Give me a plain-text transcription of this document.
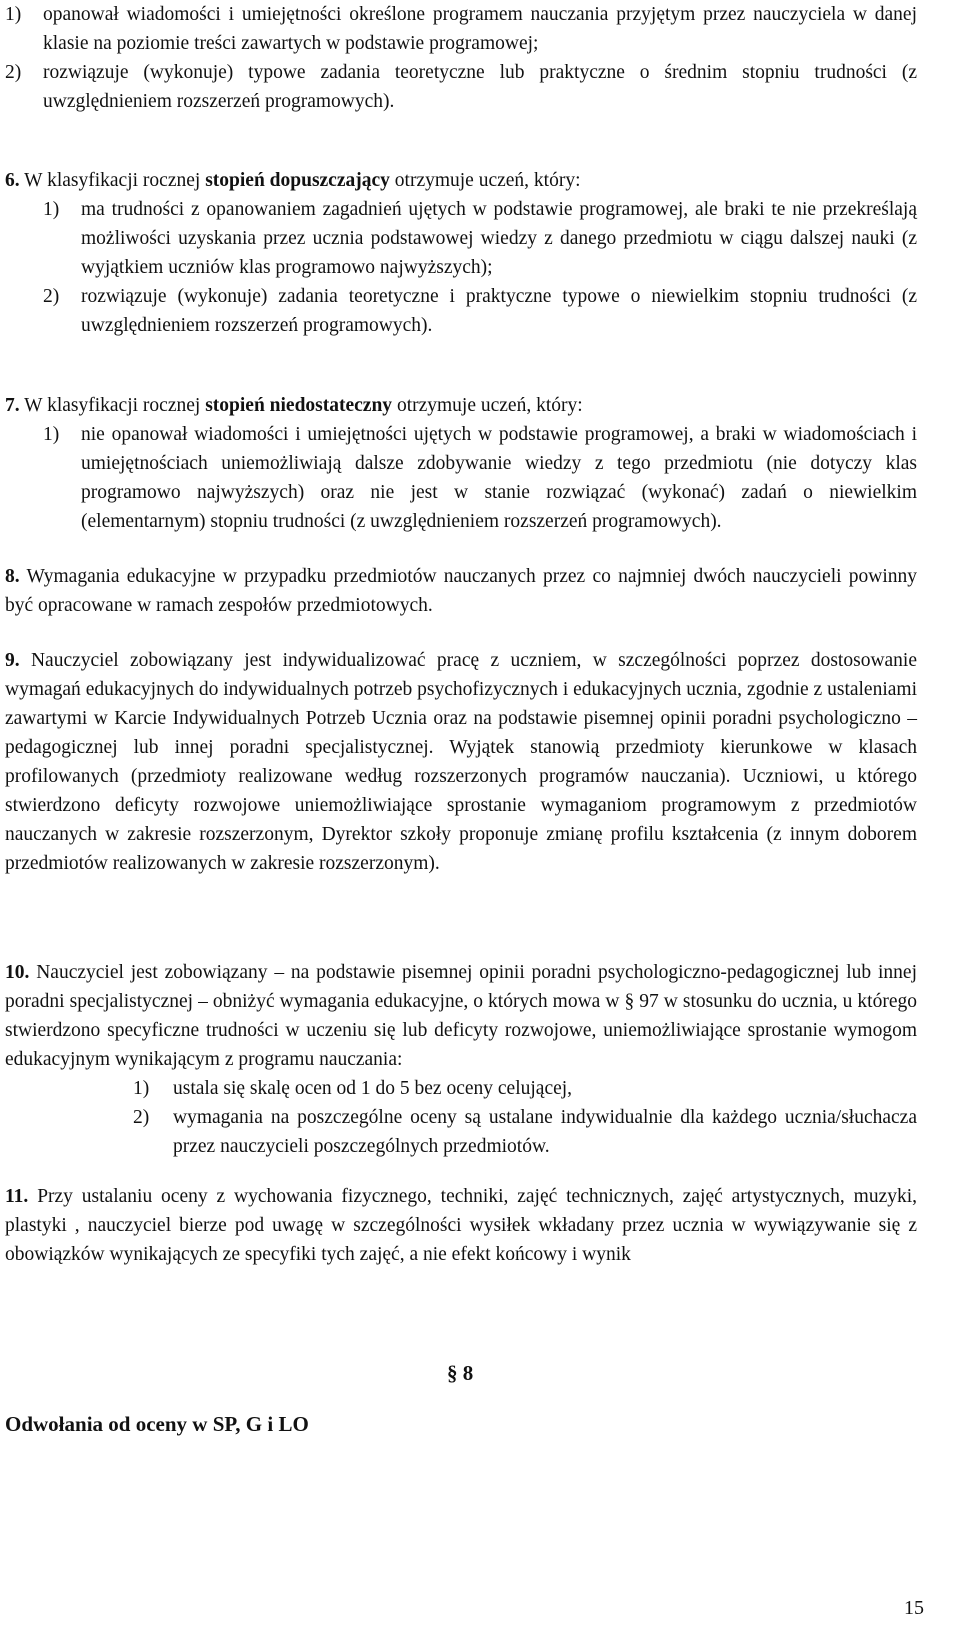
1)	opanował wiadomości i umiejętności określone programem nauczania przyjętym przez nauczyciela w danej klasie na poziomie treści zawartych w podstawie programowej;
2)	rozwiązuje (wykonuje) typowe zadania teoretyczne lub praktyczne o średnim stopniu trudności (z uwzględnieniem rozszerzeń programowych).
6. W klasyfikacji rocznej stopień dopuszczający otrzymuje uczeń, który:
1)	ma trudności z opanowaniem zagadnień ujętych w podstawie programowej, ale braki te nie przekreślają możliwości uzyskania przez ucznia podstawowej wiedzy z danego przedmiotu w ciągu dalszej nauki (z wyjątkiem uczniów klas programowo najwyższych);
2)	rozwiązuje (wykonuje) zadania teoretyczne i praktyczne typowe o niewielkim stopniu trudności (z uwzględnieniem rozszerzeń programowych).
7. W klasyfikacji rocznej stopień niedostateczny otrzymuje uczeń, który:
1)	nie opanował wiadomości i umiejętności ujętych w podstawie programowej, a braki w wiadomościach i umiejętnościach uniemożliwiają dalsze zdobywanie wiedzy z tego przedmiotu (nie dotyczy klas programowo najwyższych) oraz nie jest w stanie rozwiązać (wykonać) zadań o niewielkim (elementarnym) stopniu trudności (z uwzględnieniem rozszerzeń programowych).
8. Wymagania edukacyjne w przypadku przedmiotów nauczanych przez co najmniej dwóch nauczycieli powinny być opracowane w ramach zespołów przedmiotowych.
9. Nauczyciel zobowiązany jest indywidualizować pracę z uczniem, w szczególności poprzez dostosowanie wymagań edukacyjnych do indywidualnych potrzeb psychofizycznych i edukacyjnych ucznia, zgodnie z ustaleniami zawartymi w Karcie Indywidualnych Potrzeb Ucznia oraz na podstawie pisemnej opinii poradni psychologiczno – pedagogicznej lub innej poradni specjalistycznej. Wyjątek stanowią przedmioty kierunkowe w klasach profilowanych (przedmioty realizowane według rozszerzonych programów nauczania). Uczniowi, u którego stwierdzono deficyty rozwojowe uniemożliwiające sprostanie wymaganiom programowym z przedmiotów nauczanych w zakresie rozszerzonym, Dyrektor szkoły proponuje zmianę profilu kształcenia (z innym doborem przedmiotów realizowanych w zakresie rozszerzonym).
10. Nauczyciel jest zobowiązany – na podstawie pisemnej opinii poradni psychologiczno-pedagogicznej lub innej poradni specjalistycznej – obniżyć wymagania edukacyjne, o których mowa w § 97 w stosunku do ucznia, u którego stwierdzono specyficzne trudności w uczeniu się lub deficyty rozwojowe, uniemożliwiające sprostanie wymogom edukacyjnym wynikającym z programu nauczania:
1)	ustala się skalę ocen od 1 do 5 bez oceny celującej,
2)	wymagania na poszczególne oceny są ustalane indywidualnie dla każdego ucznia/słuchacza przez nauczycieli poszczególnych przedmiotów.
11. Przy ustalaniu oceny z wychowania fizycznego, techniki, zajęć technicznych, zajęć artystycznych, muzyki, plastyki , nauczyciel bierze pod uwagę w szczególności wysiłek wkładany przez ucznia w wywiązywanie się z obowiązków wynikających ze specyfiki tych zajęć, a nie efekt końcowy i wynik
§ 8
Odwołania od oceny w SP, G i LO
15
